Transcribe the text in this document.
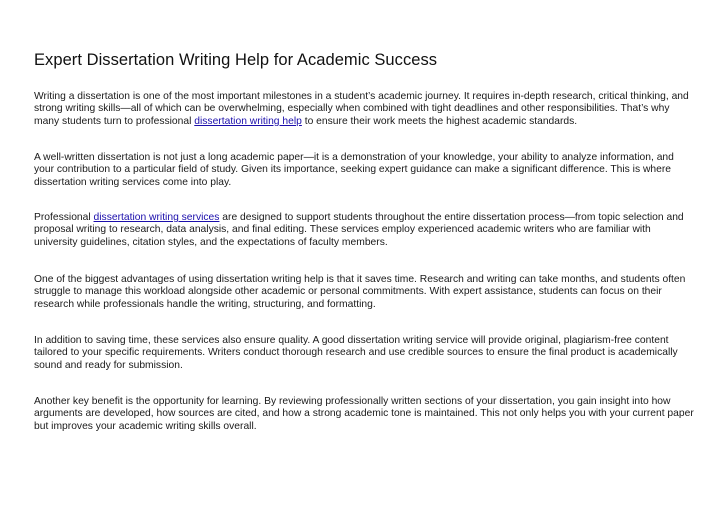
Expert Dissertation Writing Help for Academic Success

Writing a dissertation is one of the most important milestones in a student’s academic journey. It requires in-depth research, critical thinking, and strong writing skills—all of which can be overwhelming, especially when combined with tight deadlines and other responsibilities. That’s why many students turn to professional dissertation writing help to ensure their work meets the highest academic standards.

A well-written dissertation is not just a long academic paper—it is a demonstration of your knowledge, your ability to analyze information, and your contribution to a particular field of study. Given its importance, seeking expert guidance can make a significant difference. This is where dissertation writing services come into play.

Professional dissertation writing services are designed to support students throughout the entire dissertation process—from topic selection and proposal writing to research, data analysis, and final editing. These services employ experienced academic writers who are familiar with university guidelines, citation styles, and the expectations of faculty members.

One of the biggest advantages of using dissertation writing help is that it saves time. Research and writing can take months, and students often struggle to manage this workload alongside other academic or personal commitments. With expert assistance, students can focus on their research while professionals handle the writing, structuring, and formatting.

In addition to saving time, these services also ensure quality. A good dissertation writing service will provide original, plagiarism-free content tailored to your specific requirements. Writers conduct thorough research and use credible sources to ensure the final product is academically sound and ready for submission.

Another key benefit is the opportunity for learning. By reviewing professionally written sections of your dissertation, you gain insight into how arguments are developed, how sources are cited, and how a strong academic tone is maintained. This not only helps you with your current paper but improves your academic writing skills overall.
